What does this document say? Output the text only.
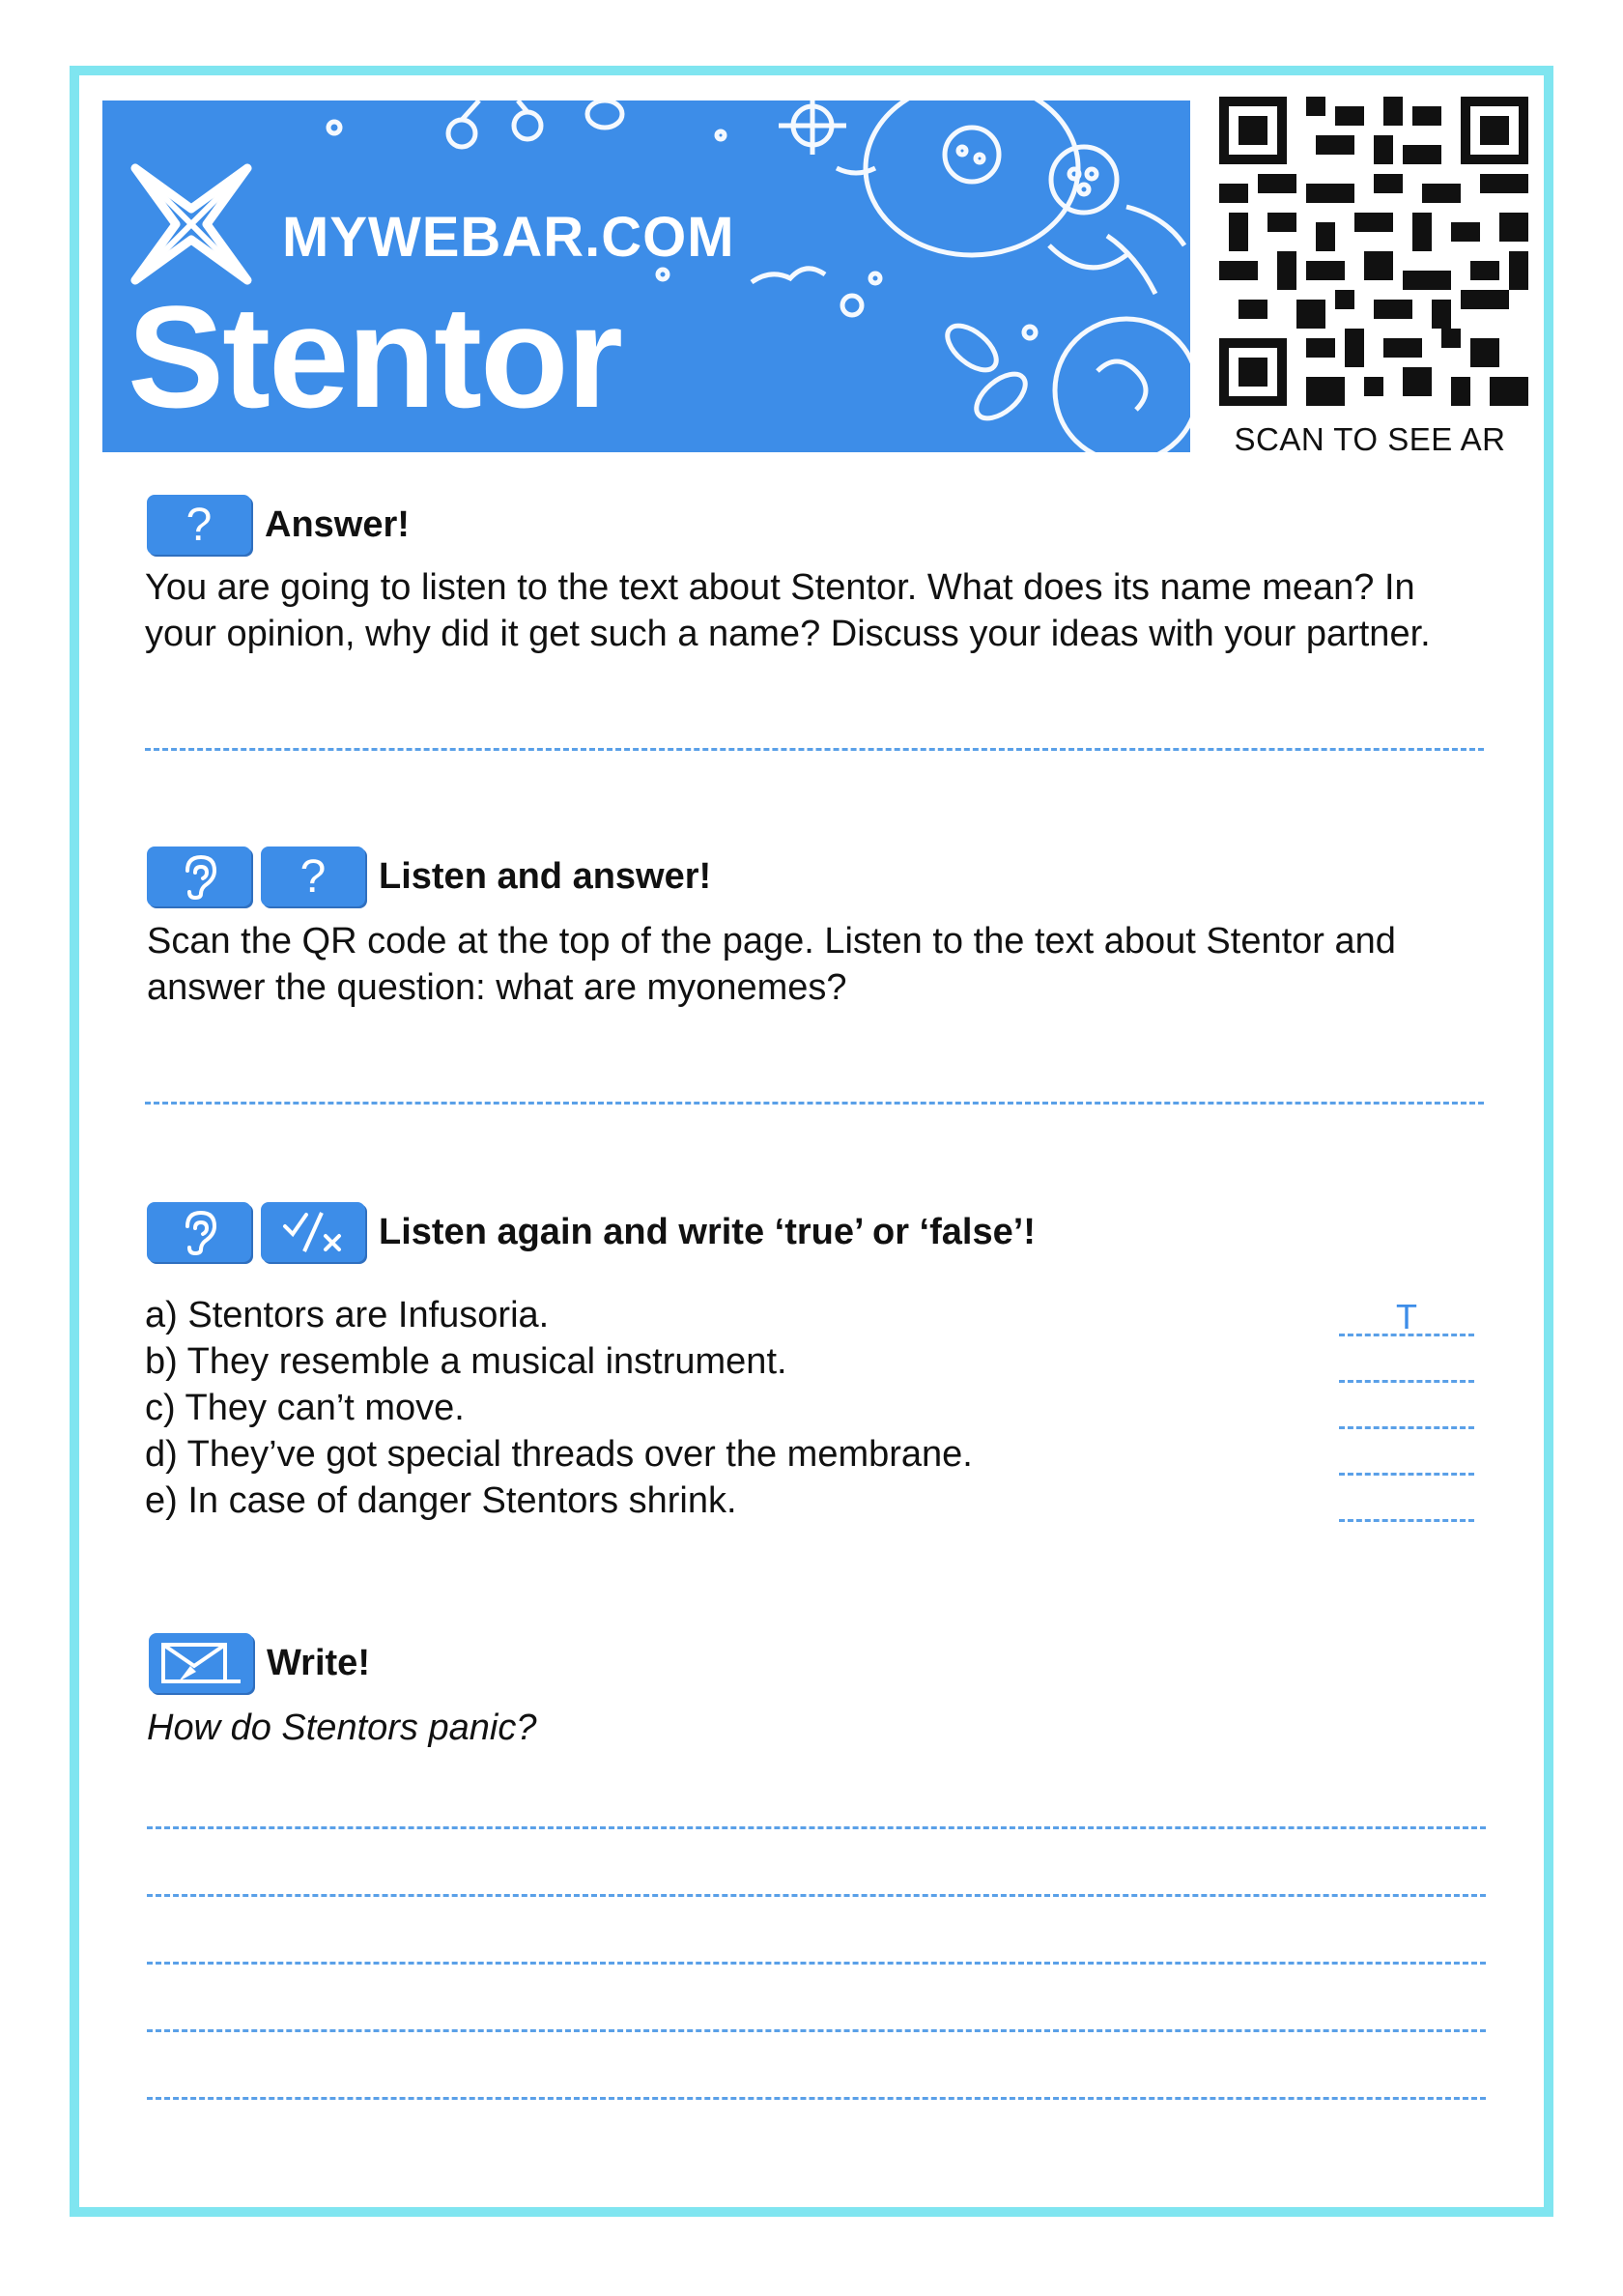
MYWEBAR.COM
Stentor
SCAN TO SEE AR
?	Answer!
You are going to listen to the text about Stentor. What does its name mean? In
your opinion, why did it get such a name? Discuss your ideas with your partner.
?	Listen and answer!
Scan the QR code at the top of the page. Listen to the text about Stentor and
answer the question: what are myonemes?
Listen again and write ‘true’ or ‘false’!
a) Stentors are Infusoria.
b) They resemble a musical instrument.
c) They can’t move.
d) They’ve got special threads over the membrane.
e) In case of danger Stentors shrink.
T
Write!
How do Stentors panic?
